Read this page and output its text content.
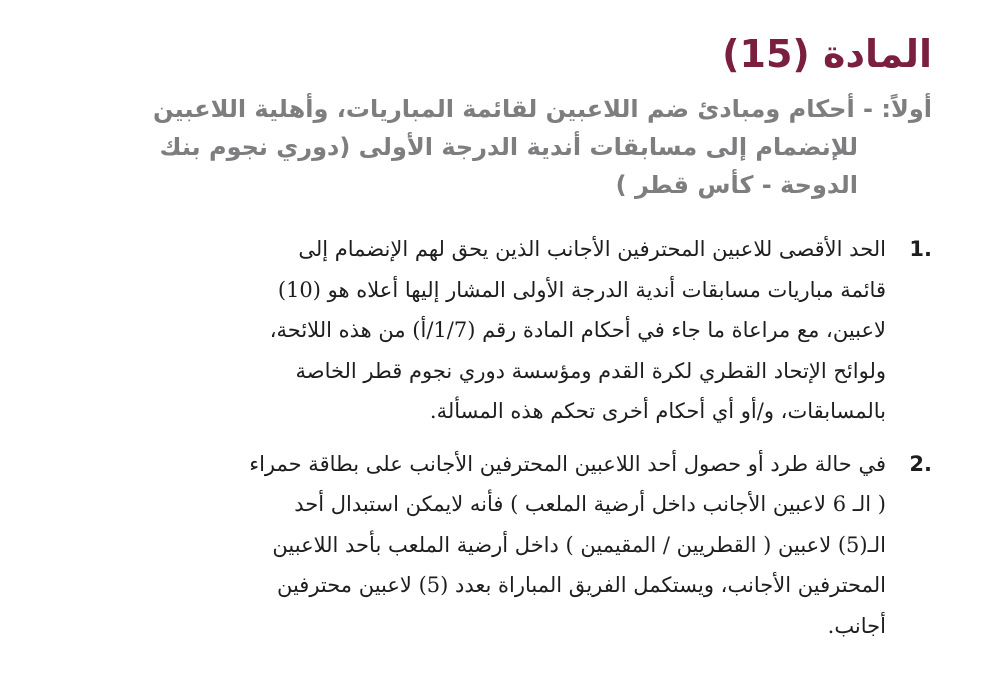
المادة (15)
أولاً: - أحكام ومبادئ ضم اللاعبين لقائمة المباريات، وأهلية اللاعبين
للإنضمام إلى مسابقات أندية الدرجة الأولى (دوري نجوم بنك
الدوحة - كأس قطر )
1.
الحد الأقصى للاعبين المحترفين الأجانب الذين يحق لهم الإنضمام إلى
قائمة مباريات مسابقات أندية الدرجة الأولى المشار إليها أعلاه هو (10)
لاعبين، مع مراعاة ما جاء في أحكام المادة رقم (1/7/أ) من هذه اللائحة،
ولوائح الإتحاد القطري لكرة القدم ومؤسسة دوري نجوم قطر الخاصة
بالمسابقات، و/أو أي أحكام أخرى تحكم هذه المسألة.
2.
في حالة طرد أو حصول أحد اللاعبين المحترفين الأجانب على بطاقة حمراء
( الـ 6 لاعبين الأجانب داخل أرضية الملعب ) فأنه لايمكن استبدال أحد
الـ(5) لاعبين ( القطريين / المقيمين ) داخل أرضية الملعب بأحد اللاعبين
المحترفين الأجانب، ويستكمل الفريق المباراة بعدد (5) لاعبين محترفين
أجانب.
